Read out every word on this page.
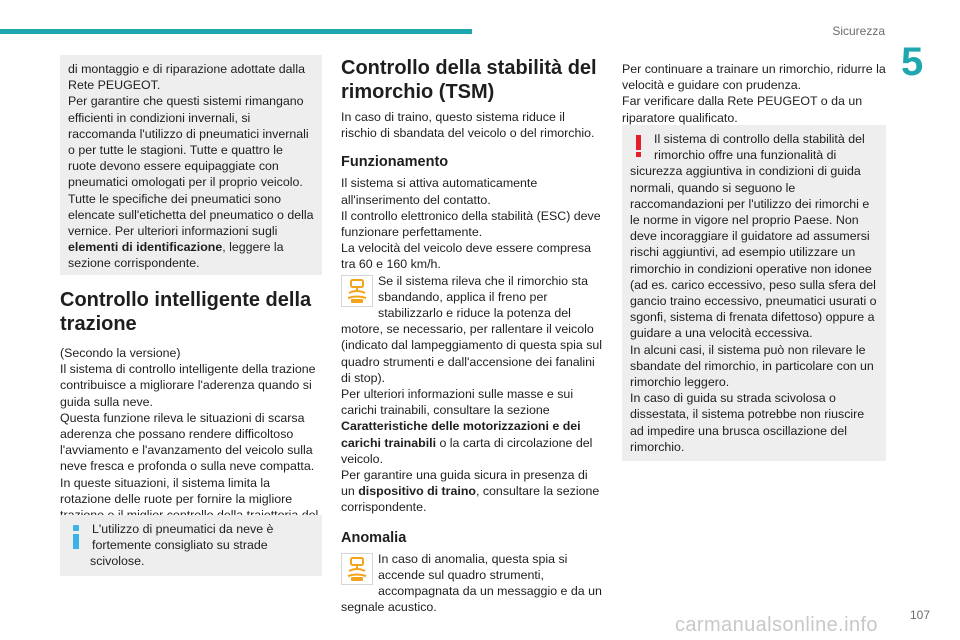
Sicurezza
5

di montaggio e di riparazione adottate dalla Rete PEUGEOT.

Per garantire che questi sistemi rimangano efficienti in condizioni invernali, si raccomanda l'utilizzo di pneumatici invernali o per tutte le stagioni. Tutte e quattro le ruote devono essere equipaggiate con pneumatici omologati per il proprio veicolo.

Tutte le specifiche dei pneumatici sono elencate sull'etichetta del pneumatico o della vernice. Per ulteriori informazioni sugli elementi di identificazione, leggere la sezione corrispondente.

Controllo intelligente della trazione

(Secondo la versione)

Il sistema di controllo intelligente della trazione contribuisce a migliorare l'aderenza quando si guida sulla neve.

Questa funzione rileva le situazioni di scarsa aderenza che possano rendere difficoltoso l'avviamento e l'avanzamento del veicolo sulla neve fresca e profonda o sulla neve compatta.

In queste situazioni, il sistema limita la rotazione delle ruote per fornire la migliore

L'utilizzo di pneumatici da neve è fortemente consigliato su strade scivolose.

Controllo della stabilità del rimorchio (TSM)

In caso di traino, questo sistema riduce il rischio di sbandata del veicolo o del rimorchio.

Funzionamento

Il sistema si attiva automaticamente all'inserimento del contatto.

Il controllo elettronico della stabilità (ESC) deve funzionare perfettamente.

La velocità del veicolo deve essere compresa tra 60 e 160 km/h.

Se il sistema rileva che il rimorchio sta sbandando, applica il freno per stabilizzarlo e riduce la potenza del motore, se necessario, per rallentare il veicolo (indicato dal lampeggiamento di questa spia sul quadro strumenti e dall'accensione dei fanalini di stop).

Per ulteriori informazioni sulle masse e sui carichi trainabili, consultare la sezione Caratteristiche delle motorizzazioni e dei carichi trainabili o la carta di circolazione del veicolo.

Per garantire una guida sicura in presenza di un dispositivo di traino, consultare la sezione corrispondente.

Anomalia

In caso di anomalia, questa spia si accende sul quadro strumenti, accompagnata da un messaggio e da un segnale acustico.

Per continuare a trainare un rimorchio, ridurre la velocità e guidare con prudenza.

Far verificare dalla Rete PEUGEOT o da un riparatore qualificato.

Il sistema di controllo della stabilità del rimorchio offre una funzionalità di sicurezza aggiuntiva in condizioni di guida normali, quando si seguono le raccomandazioni per l'utilizzo dei rimorchi e le norme in vigore nel proprio Paese. Non deve incoraggiare il guidatore ad assumersi rischi aggiuntivi, ad esempio utilizzare un rimorchio in condizioni operative non idonee (ad es. carico eccessivo, peso sulla sfera del gancio traino eccessivo, pneumatici usurati o sgonfi, sistema di frenata difettoso) oppure a guidare a una velocità eccessiva.

In alcuni casi, il sistema può non rilevare le sbandate del rimorchio, in particolare con un rimorchio leggero.

In caso di guida su strada scivolosa o dissestata, il sistema potrebbe non riuscire ad impedire una brusca oscillazione del rimorchio.

107
carmanualsonline.info
